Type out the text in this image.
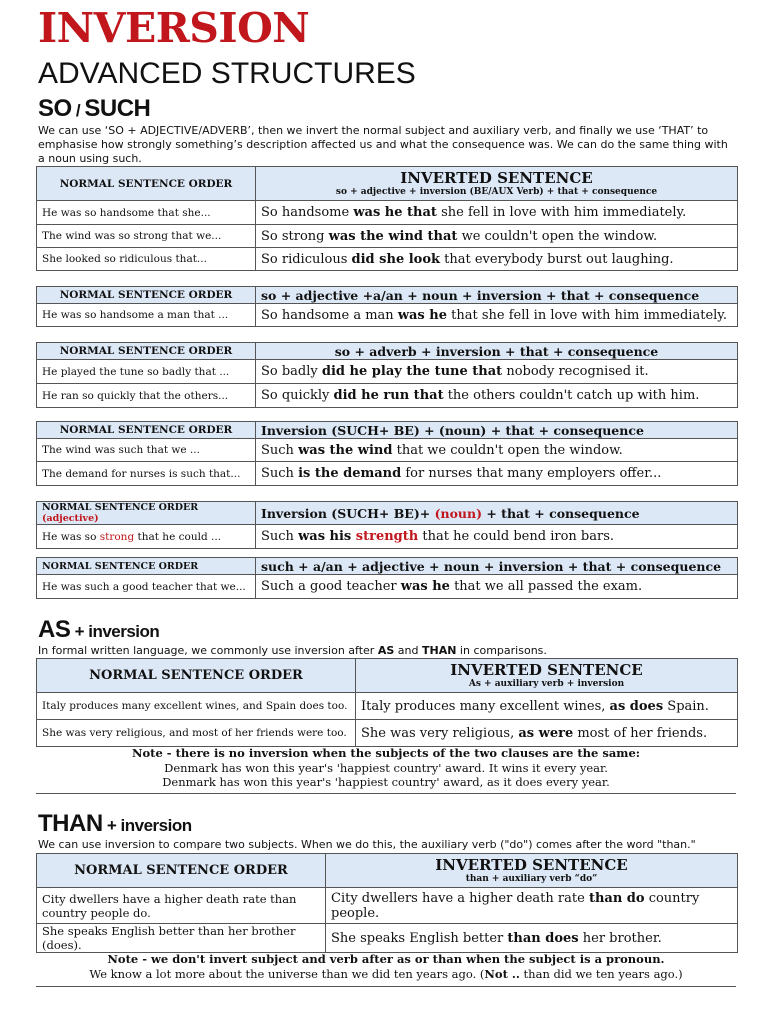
INVERSION
ADVANCED STRUCTURES
SO / SUCH
We can use ‘SO + ADJECTIVE/ADVERB’, then we invert the normal subject and auxiliary verb, and finally we use ‘THAT’ to emphasise how strongly something’s description affected us and what the consequence was. We can do the same thing with a noun using such.
NORMAL SENTENCE ORDER	INVERTED SENTENCE
so + adjective + inversion (BE/AUX Verb) + that + consequence

He was so handsome that she...	So handsome was he that she fell in love with him immediately.
The wind was so strong that we...	So strong was the wind that we couldn't open the window.
She looked so ridiculous that...	So ridiculous did she look that everybody burst out laughing.
NORMAL SENTENCE ORDER	so + adjective +a/an + noun + inversion + that + consequence
He was so handsome a man that ...	So handsome a man was he that she fell in love with him immediately.
NORMAL SENTENCE ORDER	so + adverb + inversion + that + consequence
He played the tune so badly that ...	So badly did he play the tune that nobody recognised it.
He ran so quickly that the others...	So quickly did he run that the others couldn't catch up with him.
NORMAL SENTENCE ORDER	Inversion (SUCH+ BE) + (noun) + that + consequence
The wind was such that we ...	Such was the wind that we couldn't open the window.
The demand for nurses is such that...	Such is the demand for nurses that many employers offer...
NORMAL SENTENCE ORDER (adjective)	Inversion (SUCH+ BE)+ (noun) + that + consequence
He was so strong that he could ...	Such was his strength that he could bend iron bars.
NORMAL SENTENCE ORDER	such + a/an + adjective + noun + inversion + that + consequence
He was such a good teacher that we...	Such a good teacher was he that we all passed the exam.
AS + inversion
In formal written language, we commonly use inversion after AS and THAN in comparisons.
NORMAL SENTENCE ORDER	INVERTED SENTENCE
As + auxiliary verb + inversion

Italy produces many excellent wines, and Spain does too.	Italy produces many excellent wines, as does Spain.
She was very religious, and most of her friends were too.	She was very religious, as were most of her friends.
Note - there is no inversion when the subjects of the two clauses are the same:
Denmark has won this year's 'happiest country' award. It wins it every year.
Denmark has won this year's 'happiest country' award, as it does every year.
THAN + inversion
We can use inversion to compare two subjects. When we do this, the auxiliary verb ("do") comes after the word "than."
NORMAL SENTENCE ORDER	INVERTED SENTENCE
than + auxiliary verb “do”

City dwellers have a higher death rate than country people do.	City dwellers have a higher death rate than do country people.
She speaks English better than her brother (does).	She speaks English better than does her brother.
Note - we don't invert subject and verb after as or than when the subject is a pronoun.
We know a lot more about the universe than we did ten years ago. (Not .. than did we ten years ago.)
